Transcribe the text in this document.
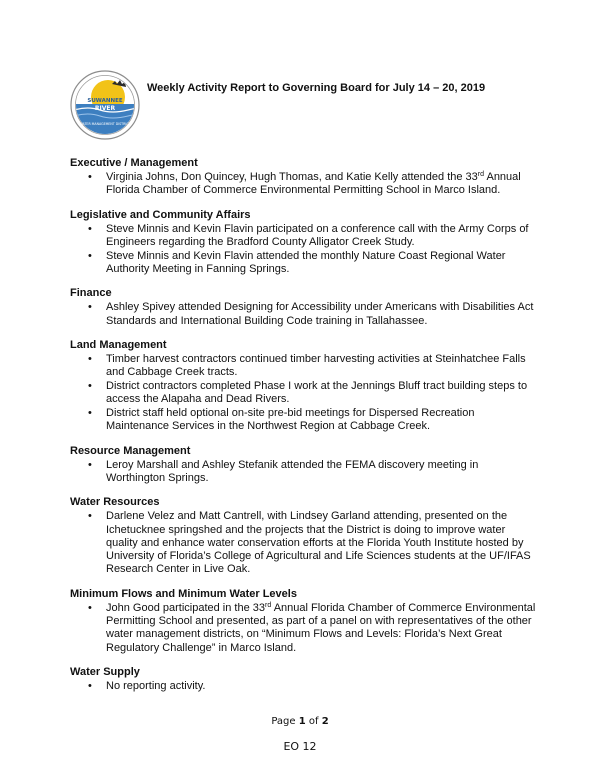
SUWANNEE
RIVER
WATER MANAGEMENT DISTRICT
Weekly Activity Report to Governing Board for July 14 – 20, 2019
Executive / Management
• Virginia Johns, Don Quincey, Hugh Thomas, and Katie Kelly attended the 33rd Annual Florida Chamber of Commerce Environmental Permitting School in Marco Island.
Legislative and Community Affairs
• Steve Minnis and Kevin Flavin participated on a conference call with the Army Corps of Engineers regarding the Bradford County Alligator Creek Study.
• Steve Minnis and Kevin Flavin attended the monthly Nature Coast Regional Water Authority Meeting in Fanning Springs.
Finance
• Ashley Spivey attended Designing for Accessibility under Americans with Disabilities Act Standards and International Building Code training in Tallahassee.
Land Management
• Timber harvest contractors continued timber harvesting activities at Steinhatchee Falls and Cabbage Creek tracts.
• District contractors completed Phase I work at the Jennings Bluff tract building steps to access the Alapaha and Dead Rivers.
• District staff held optional on-site pre-bid meetings for Dispersed Recreation Maintenance Services in the Northwest Region at Cabbage Creek.
Resource Management
• Leroy Marshall and Ashley Stefanik attended the FEMA discovery meeting in Worthington Springs.
Water Resources
• Darlene Velez and Matt Cantrell, with Lindsey Garland attending, presented on the Ichetucknee springshed and the projects that the District is doing to improve water quality and enhance water conservation efforts at the Florida Youth Institute hosted by University of Florida’s College of Agricultural and Life Sciences students at the UF/IFAS Research Center in Live Oak.
Minimum Flows and Minimum Water Levels
• John Good participated in the 33rd Annual Florida Chamber of Commerce Environmental Permitting School and presented, as part of a panel on with representatives of the other water management districts, on “Minimum Flows and Levels: Florida’s Next Great Regulatory Challenge” in Marco Island.
Water Supply
• No reporting activity.
Page 1 of 2
EO 12
